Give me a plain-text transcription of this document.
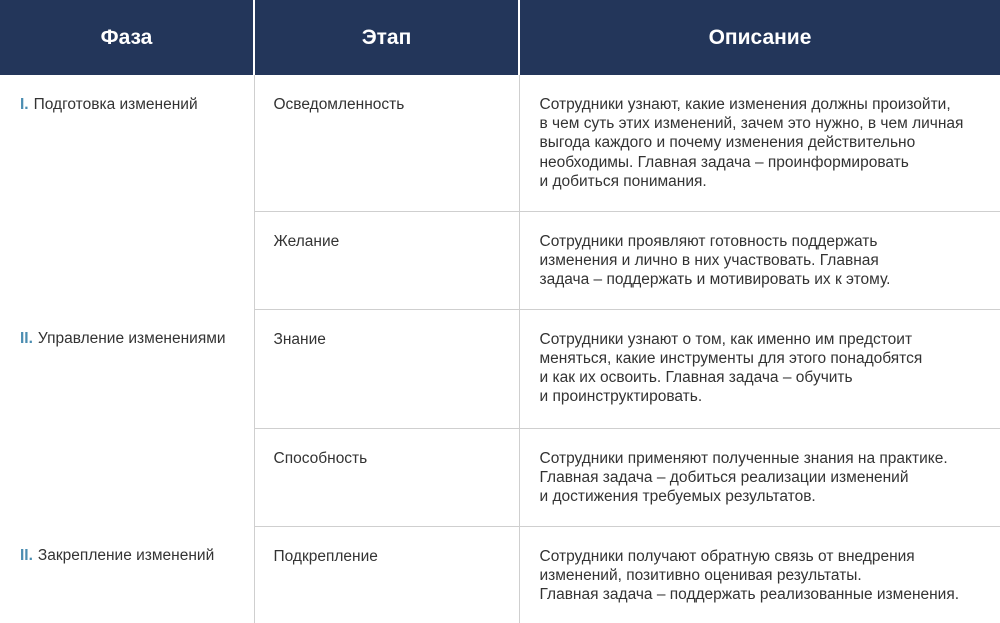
Фаза	Этап	Описание
I. Подготовка изменений	Осведомленность	Сотрудники узнают, какие изменения должны произойти,
в чем суть этих изменений, зачем это нужно, в чем личная
выгода каждого и почему изменения действительно
необходимы. Главная задача – проинформировать
и добиться понимания.

	Желание	Сотрудники проявляют готовность поддержать
изменения и лично в них участвовать. Главная
задача – поддержать и мотивировать их к этому.

II. Управление изменениями	Знание	Сотрудники узнают о том, как именно им предстоит
меняться, какие инструменты для этого понадобятся
и как их освоить. Главная задача – обучить
и проинструктировать.

	Способность	Сотрудники применяют полученные знания на практике.
Главная задача – добиться реализации изменений
и достижения требуемых результатов.

II. Закрепление изменений	Подкрепление	Сотрудники получают обратную связь от внедрения
изменений, позитивно оценивая результаты.
Главная задача – поддержать реализованные изменения.
